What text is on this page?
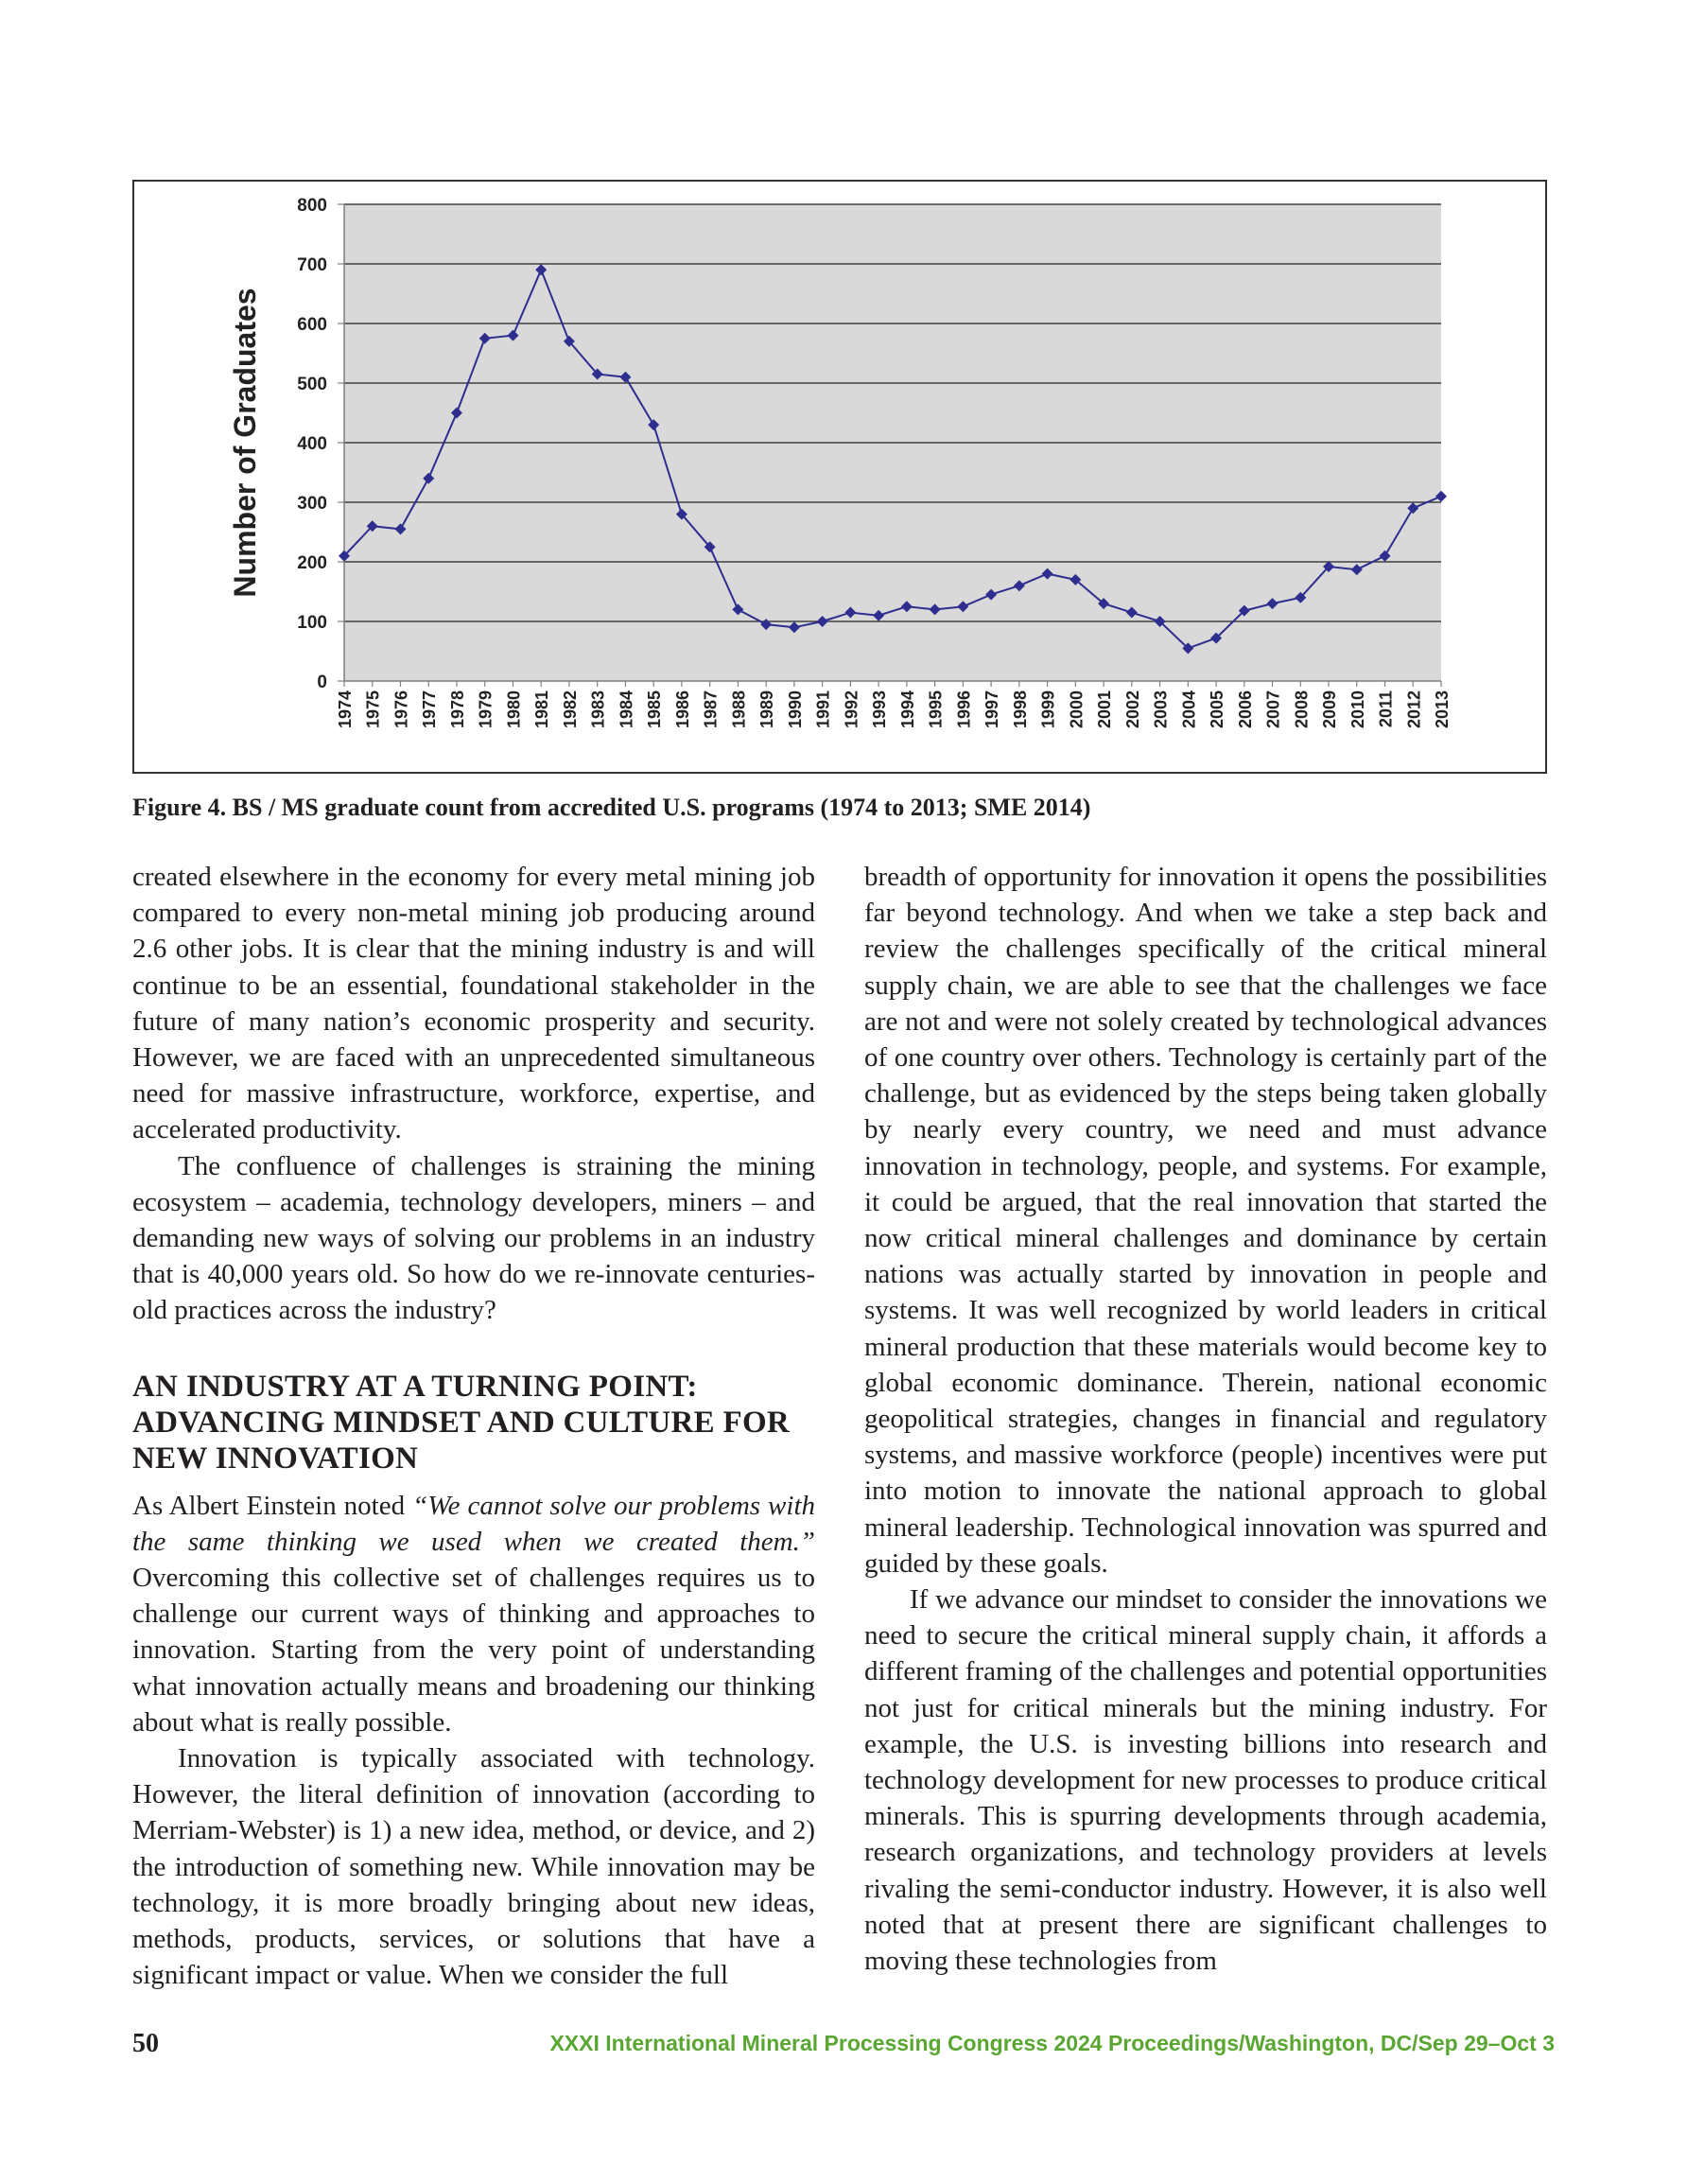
0
100
200
300
400
500
600
700
800
1974 1975 1976 1977 1978 1979 1980 1981 1982 1983 1984 1985 1986 1987 1988 1989 1990 1991 1992 1993 1994 1995 1996 1997 1998 1999 2000 2001 2002 2003 2004 2005 2006 2007 2008 2009 2010 2011 2012 2013
Number of Graduates
Figure 4. BS / MS graduate count from accredited U.S. programs (1974 to 2013; SME 2014)

created elsewhere in the economy for every metal mining job compared to every non-metal mining job producing around 2.6 other jobs. It is clear that the mining industry is and will continue to be an essential, foundational stakeholder in the future of many nation’s economic prosperity and security. However, we are faced with an unprecedented simultaneous need for massive infrastructure, workforce, expertise, and accelerated productivity.

The confluence of challenges is straining the mining ecosystem – academia, technology developers, miners – and demanding new ways of solving our problems in an industry that is 40,000 years old. So how do we re-innovate centuries-old practices across the industry?

AN INDUSTRY AT A TURNING POINT: ADVANCING MINDSET AND CULTURE FOR NEW INNOVATION

As Albert Einstein noted “We cannot solve our problems with the same thinking we used when we created them.” Overcoming this collective set of challenges requires us to challenge our current ways of thinking and approaches to innovation. Starting from the very point of understanding what innovation actually means and broadening our thinking about what is really possible.

Innovation is typically associated with technology. However, the literal definition of innovation (according to Merriam-Webster) is 1) a new idea, method, or device, and 2) the introduction of something new. While innovation may be technology, it is more broadly bringing about new ideas, methods, products, services, or solutions that have a significant impact or value. When we consider the full

breadth of opportunity for innovation it opens the possibilities far beyond technology. And when we take a step back and review the challenges specifically of the critical mineral supply chain, we are able to see that the challenges we face are not and were not solely created by technological advances of one country over others. Technology is certainly part of the challenge, but as evidenced by the steps being taken globally by nearly every country, we need and must advance innovation in technology, people, and systems. For example, it could be argued, that the real innovation that started the now critical mineral challenges and dominance by certain nations was actually started by innovation in people and systems. It was well recognized by world leaders in critical mineral production that these materials would become key to global economic dominance. Therein, national economic geopolitical strategies, changes in financial and regulatory systems, and massive workforce (people) incentives were put into motion to innovate the national approach to global mineral leadership. Technological innovation was spurred and guided by these goals.

If we advance our mindset to consider the innovations we need to secure the critical mineral supply chain, it affords a different framing of the challenges and potential opportunities not just for critical minerals but the mining industry. For example, the U.S. is investing billions into research and technology development for new processes to produce critical minerals. This is spurring developments through academia, research organizations, and technology providers at levels rivaling the semi-conductor industry. However, it is also well noted that at present there are significant challenges to moving these technologies from

50	XXXI International Mineral Processing Congress 2024 Proceedings/Washington, DC/Sep 29–Oct 3
